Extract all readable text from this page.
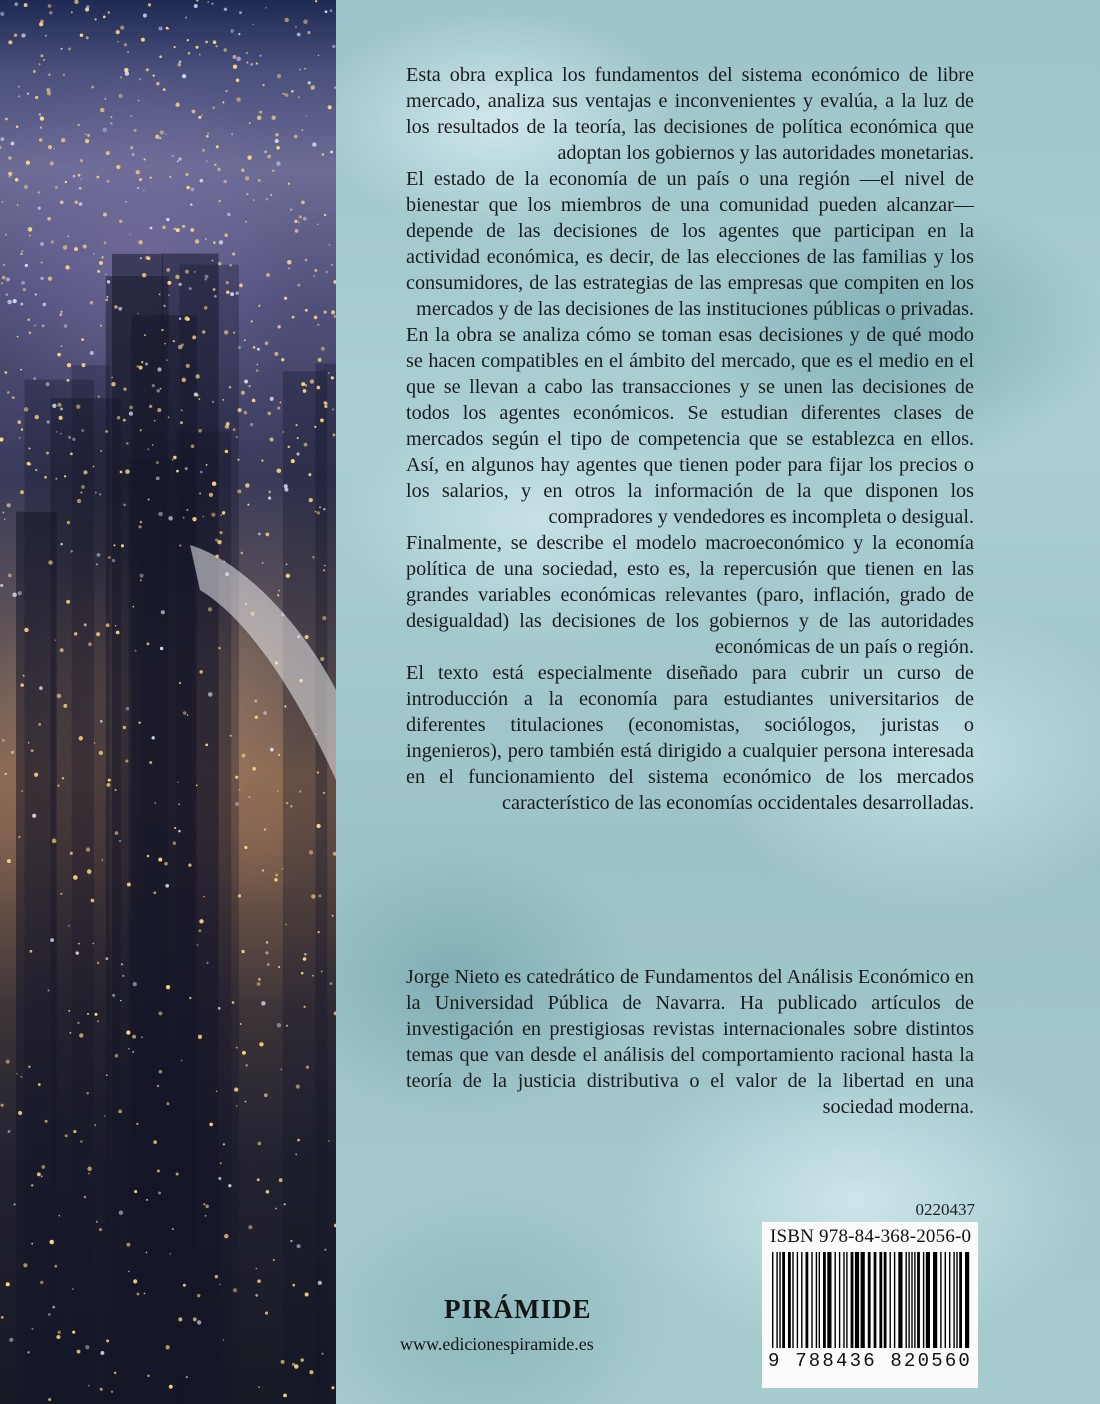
Esta obra explica los fundamentos del sistema económico de libre mercado, analiza sus ventajas e inconvenientes y evalúa, a la luz de los resultados de la teoría, las decisiones de política económica que adoptan los gobiernos y las autoridades monetarias.

El estado de la economía de un país o una región —el nivel de bienestar que los miembros de una comunidad pueden alcanzar— depende de las decisiones de los agentes que participan en la actividad económica, es decir, de las elecciones de las familias y los consumidores, de las estrategias de las empresas que compiten en los mercados y de las decisiones de las instituciones públicas o privadas.

En la obra se analiza cómo se toman esas decisiones y de qué modo se hacen compatibles en el ámbito del mercado, que es el medio en el que se llevan a cabo las transacciones y se unen las decisiones de todos los agentes económicos. Se estudian diferentes clases de mercados según el tipo de competencia que se establezca en ellos. Así, en algunos hay agentes que tienen poder para fijar los precios o los salarios, y en otros la información de la que disponen los compradores y vendedores es incompleta o desigual.

Finalmente, se describe el modelo macroeconómico y la economía política de una sociedad, esto es, la repercusión que tienen en las grandes variables económicas relevantes (paro, inflación, grado de desigualdad) las decisiones de los gobiernos y de las autoridades económicas de un país o región.

El texto está especialmente diseñado para cubrir un curso de introducción a la economía para estudiantes universitarios de diferentes titulaciones (economistas, sociólogos, juristas o ingenieros), pero también está dirigido a cualquier persona interesada en el funcionamiento del sistema económico de los mercados característico de las economías occidentales desarrolladas.

Jorge Nieto es catedrático de Fundamentos del Análisis Económico en la Universidad Pública de Navarra. Ha publicado artículos de investigación en prestigiosas revistas internacionales sobre distintos temas que van desde el análisis del comportamiento racional hasta la teoría de la justicia distributiva o el valor de la libertad en una sociedad moderna.

0220437
ISBN 978-84-368-2056-0
9 788436 820560
PIRÁMIDE
www.edicionespiramide.es
